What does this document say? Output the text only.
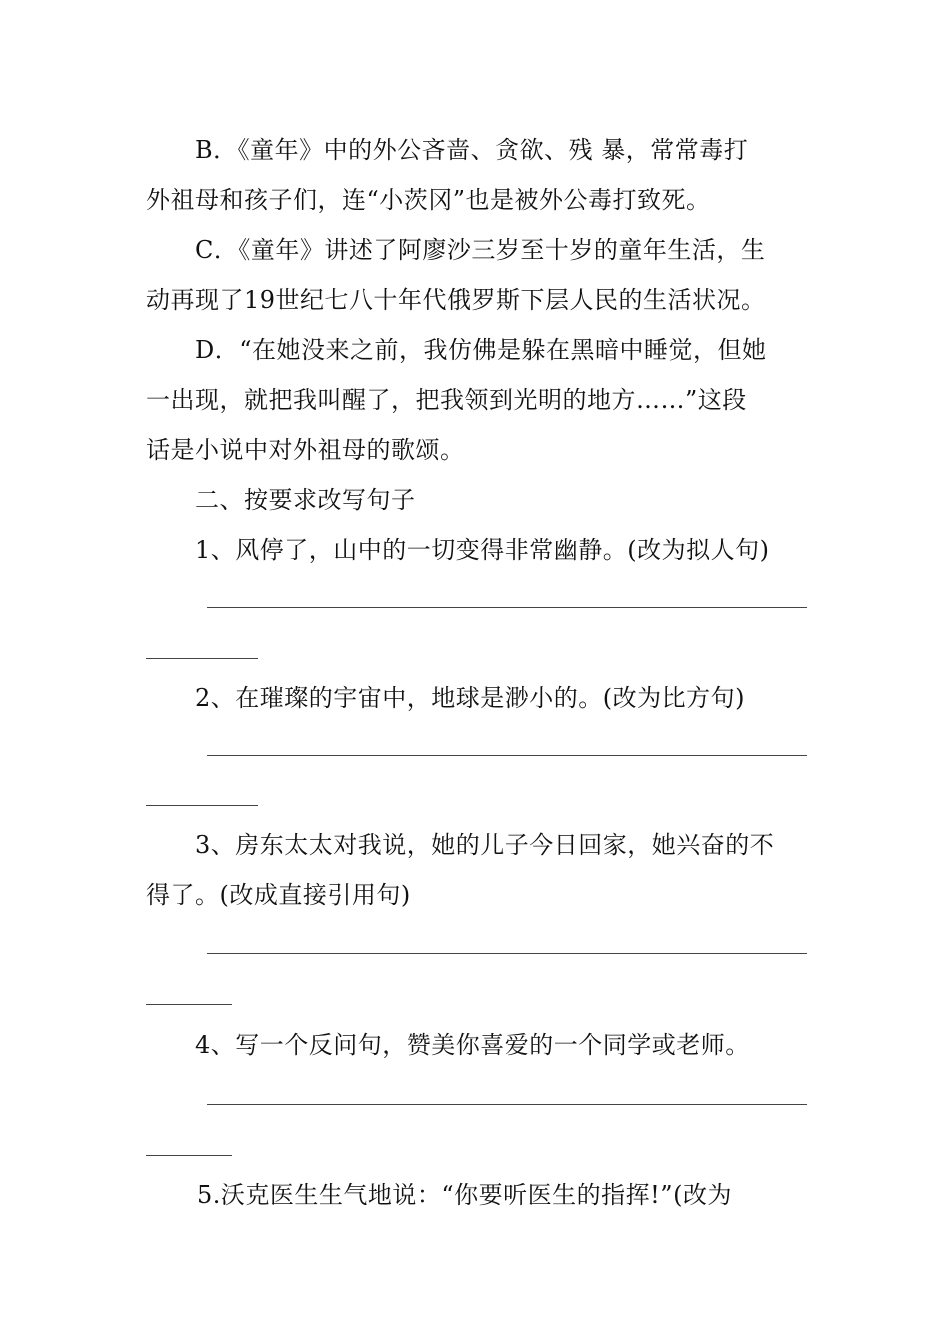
B．《童年》中的外公吝啬、贪欲、残 暴，常常毒打
外祖母和孩子们，连“小茨冈”也是被外公毒打致死。
C．《童年》讲述了阿廖沙三岁至十岁的童年生活，生
动再现了19世纪七八十年代俄罗斯下层人民的生活状况。
D．“在她没来之前，我仿佛是躲在黑暗中睡觉，但她
一出现，就把我叫醒了，把我领到光明的地方……”这段
话是小说中对外祖母的歌颂。
二、按要求改写句子
1、风停了，山中的一切变得非常幽静。(改为拟人句)
2、在璀璨的宇宙中，地球是渺小的。(改为比方句)
3、房东太太对我说，她的儿子今日回家，她兴奋的不
得了。(改成直接引用句)
4、写一个反问句，赞美你喜爱的一个同学或老师。
5.沃克医生生气地说：“你要听医生的指挥!”(改为
